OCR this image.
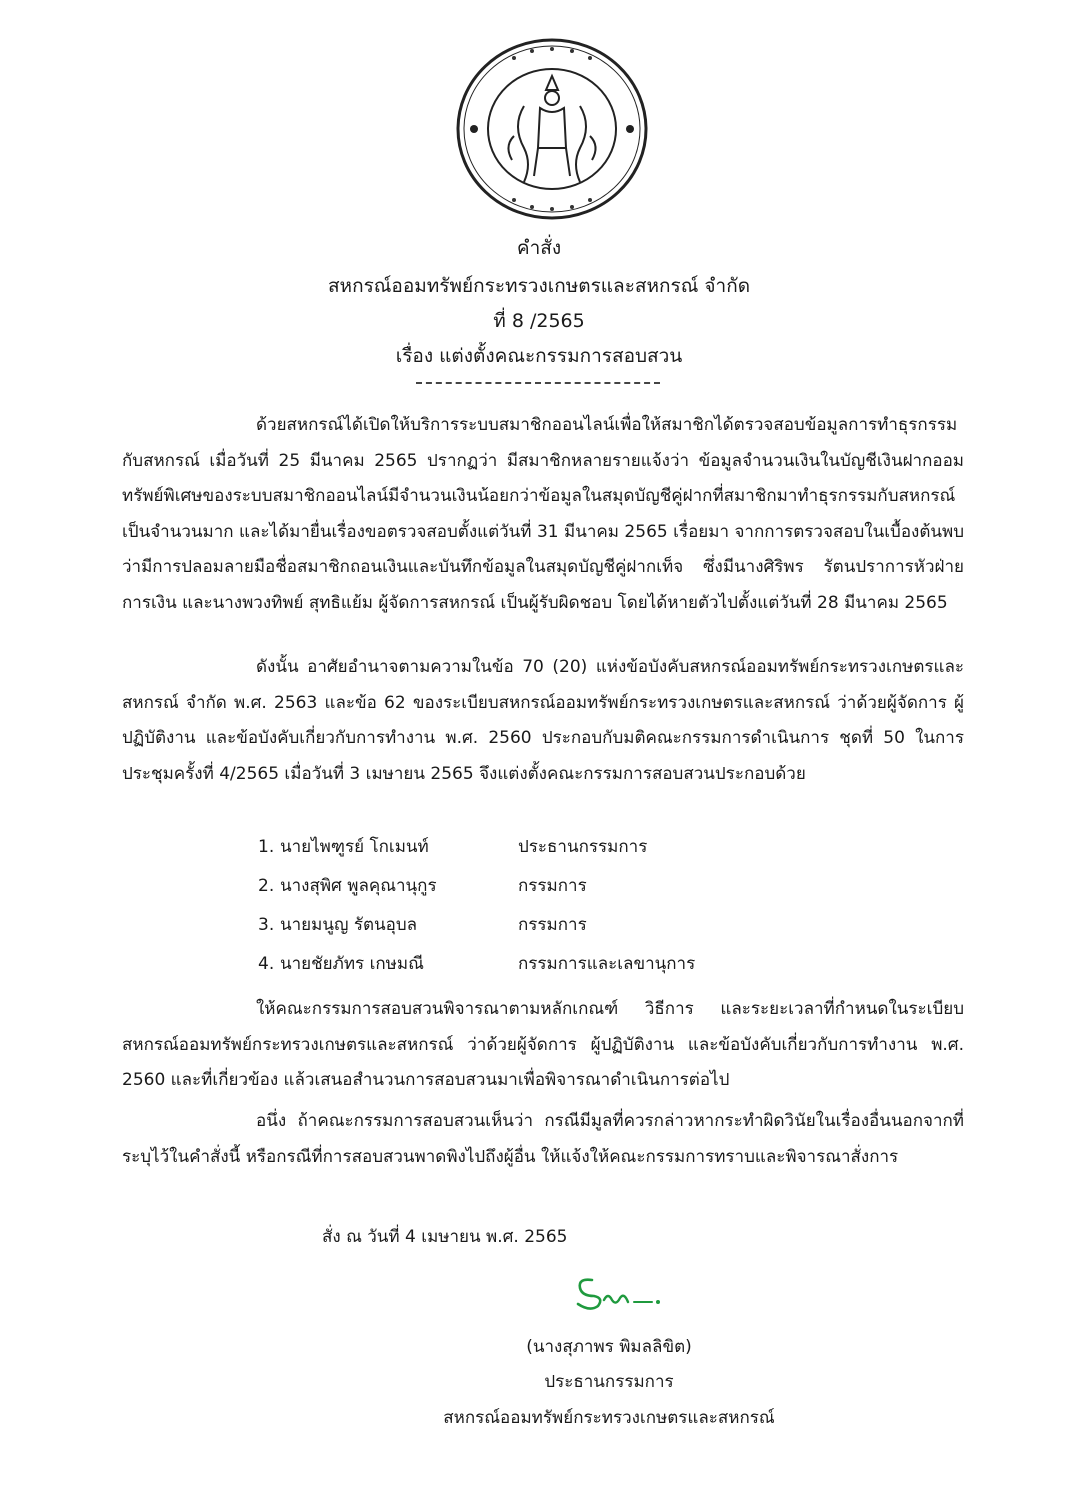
คำสั่ง
สหกรณ์ออมทรัพย์กระทรวงเกษตรและสหกรณ์ จำกัด
ที่ 8 /2565
เรื่อง แต่งตั้งคณะกรรมการสอบสวน
ด้วยสหกรณ์ได้เปิดให้บริการระบบสมาชิกออนไลน์เพื่อให้สมาชิกได้ตรวจสอบข้อมูลการทำธุรกรรมกับสหกรณ์ เมื่อวันที่ 25 มีนาคม 2565 ปรากฏว่า มีสมาชิกหลายรายแจ้งว่า ข้อมูลจำนวนเงินในบัญชีเงินฝากออมทรัพย์พิเศษของระบบสมาชิกออนไลน์มีจำนวนเงินน้อยกว่าข้อมูลในสมุดบัญชีคู่ฝากที่สมาชิกมาทำธุรกรรมกับสหกรณ์เป็นจำนวนมาก และได้มายื่นเรื่องขอตรวจสอบตั้งแต่วันที่ 31 มีนาคม 2565 เรื่อยมา จากการตรวจสอบในเบื้องต้นพบว่ามีการปลอมลายมือชื่อสมาชิกถอนเงินและบันทึกข้อมูลในสมุดบัญชีคู่ฝากเท็จ ซึ่งมีนางศิริพร รัตนปราการหัวฝ่ายการเงิน และนางพวงทิพย์ สุทธิแย้ม ผู้จัดการสหกรณ์ เป็นผู้รับผิดชอบ โดยได้หายตัวไปตั้งแต่วันที่ 28 มีนาคม 2565
ดังนั้น อาศัยอำนาจตามความในข้อ 70 (20) แห่งข้อบังคับสหกรณ์ออมทรัพย์กระทรวงเกษตรและสหกรณ์ จำกัด พ.ศ. 2563 และข้อ 62 ของระเบียบสหกรณ์ออมทรัพย์กระทรวงเกษตรและสหกรณ์ ว่าด้วยผู้จัดการ ผู้ปฏิบัติงาน และข้อบังคับเกี่ยวกับการทำงาน พ.ศ. 2560 ประกอบกับมติคณะกรรมการดำเนินการ ชุดที่ 50 ในการประชุมครั้งที่ 4/2565 เมื่อวันที่ 3 เมษายน 2565 จึงแต่งตั้งคณะกรรมการสอบสวนประกอบด้วย
1. นายไพฑูรย์ โกเมนท์	ประธานกรรมการ
2. นางสุพิศ พูลคุณานุกูร	กรรมการ
3. นายมนูญ รัตนอุบล	กรรมการ
4. นายชัยภัทร เกษมณี	กรรมการและเลขานุการ
ให้คณะกรรมการสอบสวนพิจารณาตามหลักเกณฑ์ วิธีการ และระยะเวลาที่กำหนดในระเบียบสหกรณ์ออมทรัพย์กระทรวงเกษตรและสหกรณ์ ว่าด้วยผู้จัดการ ผู้ปฏิบัติงาน และข้อบังคับเกี่ยวกับการทำงาน พ.ศ. 2560 และที่เกี่ยวข้อง แล้วเสนอสำนวนการสอบสวนมาเพื่อพิจารณาดำเนินการต่อไป
อนึ่ง ถ้าคณะกรรมการสอบสวนเห็นว่า กรณีมีมูลที่ควรกล่าวหากระทำผิดวินัยในเรื่องอื่นนอกจากที่ระบุไว้ในคำสั่งนี้ หรือกรณีที่การสอบสวนพาดพิงไปถึงผู้อื่น ให้แจ้งให้คณะกรรมการทราบและพิจารณาสั่งการ
สั่ง ณ วันที่ 4 เมษายน พ.ศ. 2565
(นางสุภาพร พิมลลิขิต)
ประธานกรรมการ
สหกรณ์ออมทรัพย์กระทรวงเกษตรและสหกรณ์
